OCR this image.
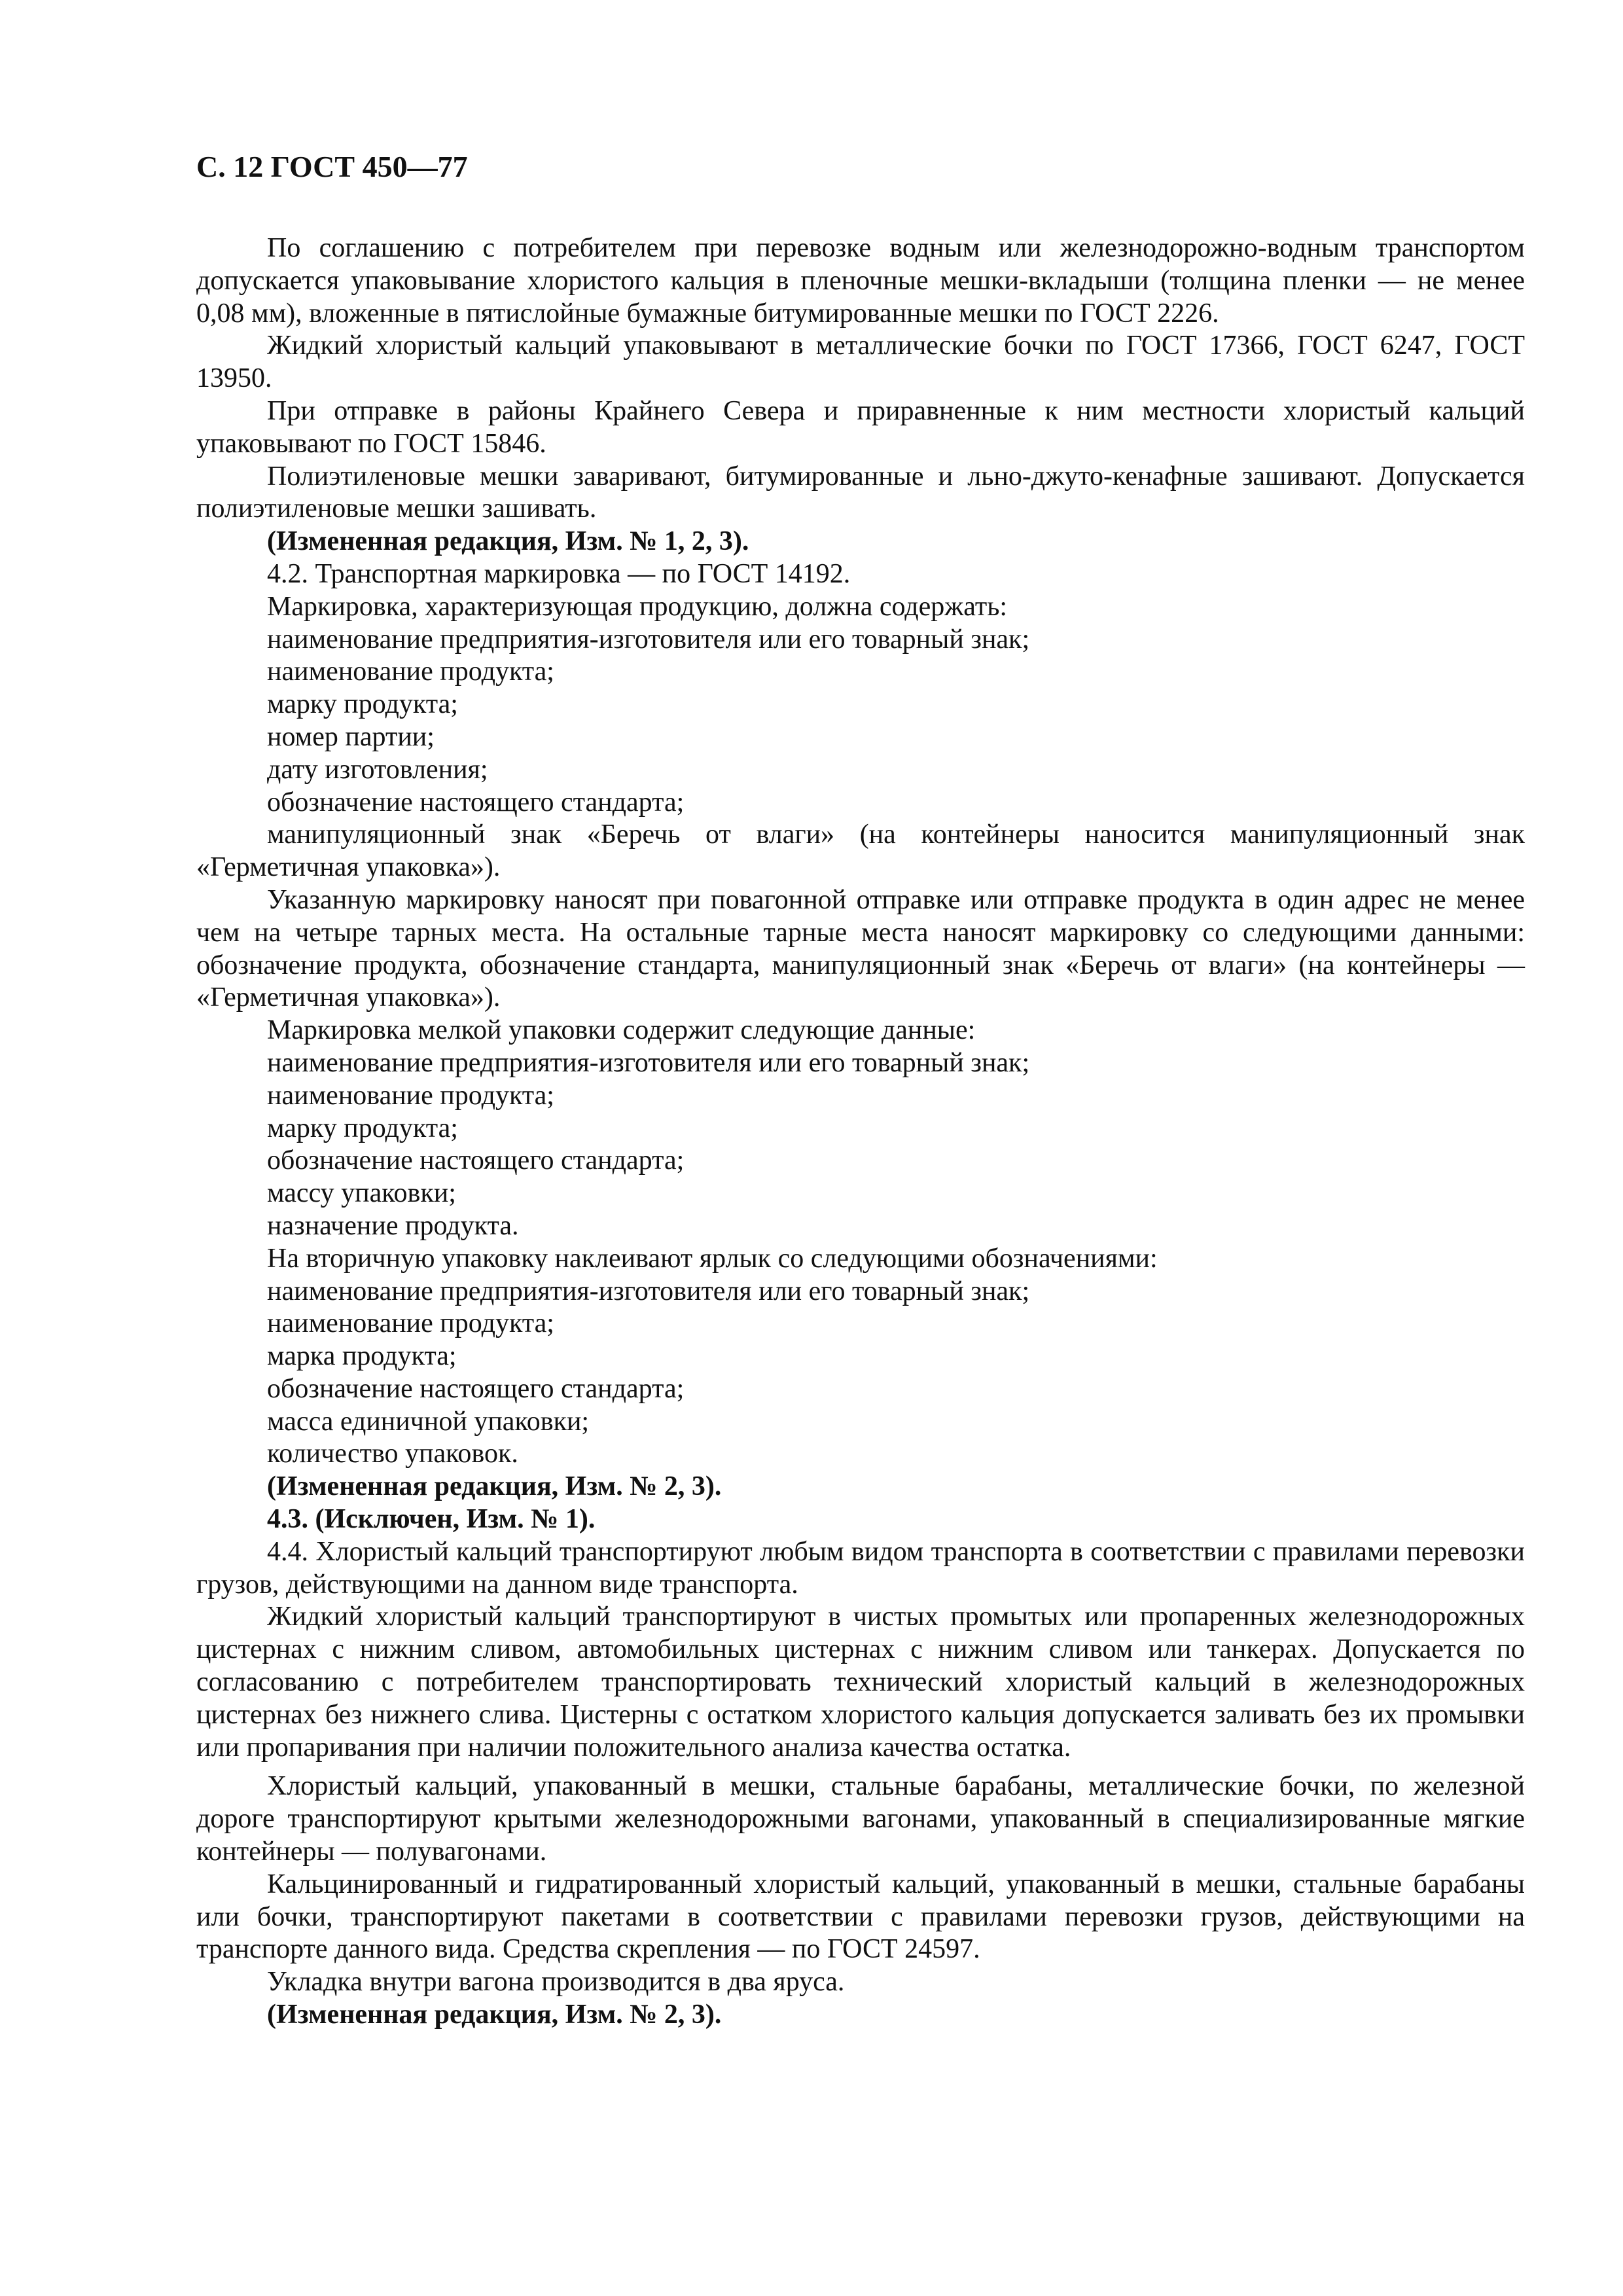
С. 12 ГОСТ 450—77

По соглашению с потребителем при перевозке водным или железнодорожно-водным транспортом допускается упаковывание хлористого кальция в пленочные мешки-вкладыши (толщина пленки — не менее 0,08 мм), вложенные в пятислойные бумажные битумированные мешки по ГОСТ 2226.

Жидкий хлористый кальций упаковывают в металлические бочки по ГОСТ 17366, ГОСТ 6247, ГОСТ 13950.

При отправке в районы Крайнего Севера и приравненные к ним местности хлористый кальций упаковывают по ГОСТ 15846.

Полиэтиленовые мешки заваривают, битумированные и льно-джуто-кенафные зашивают. Допускается полиэтиленовые мешки зашивать.

(Измененная редакция, Изм. № 1, 2, 3).

4.2. Транспортная маркировка — по ГОСТ 14192.

Маркировка, характеризующая продукцию, должна содержать:

наименование предприятия-изготовителя или его товарный знак;

наименование продукта;

марку продукта;

номер партии;

дату изготовления;

обозначение настоящего стандарта;

манипуляционный знак «Беречь от влаги» (на контейнеры наносится манипуляционный знак «Герметичная упаковка»).

Указанную маркировку наносят при повагонной отправке или отправке продукта в один адрес не менее чем на четыре тарных места. На остальные тарные места наносят маркировку со следующими данными: обозначение продукта, обозначение стандарта, манипуляционный знак «Беречь от влаги» (на контейнеры — «Герметичная упаковка»).

Маркировка мелкой упаковки содержит следующие данные:

наименование предприятия-изготовителя или его товарный знак;

наименование продукта;

марку продукта;

обозначение настоящего стандарта;

массу упаковки;

назначение продукта.

На вторичную упаковку наклеивают ярлык со следующими обозначениями:

наименование предприятия-изготовителя или его товарный знак;

наименование продукта;

марка продукта;

обозначение настоящего стандарта;

масса единичной упаковки;

количество упаковок.

(Измененная редакция, Изм. № 2, 3).

4.3. (Исключен, Изм. № 1).

4.4. Хлористый кальций транспортируют любым видом транспорта в соответствии с правилами перевозки грузов, действующими на данном виде транспорта.

Жидкий хлористый кальций транспортируют в чистых промытых или пропаренных железнодорожных цистернах с нижним сливом, автомобильных цистернах с нижним сливом или танкерах. Допускается по согласованию с потребителем транспортировать технический хлористый кальций в железнодорожных цистернах без нижнего слива. Цистерны с остатком хлористого кальция допускается заливать без их промывки или пропаривания при наличии положительного анализа качества остатка.

Хлористый кальций, упакованный в мешки, стальные барабаны, металлические бочки, по железной дороге транспортируют крытыми железнодорожными вагонами, упакованный в специализированные мягкие контейнеры — полувагонами.

Кальцинированный и гидратированный хлористый кальций, упакованный в мешки, стальные барабаны или бочки, транспортируют пакетами в соответствии с правилами перевозки грузов, действующими на транспорте данного вида. Средства скрепления — по ГОСТ 24597.

Укладка внутри вагона производится в два яруса.

(Измененная редакция, Изм. № 2, 3).
